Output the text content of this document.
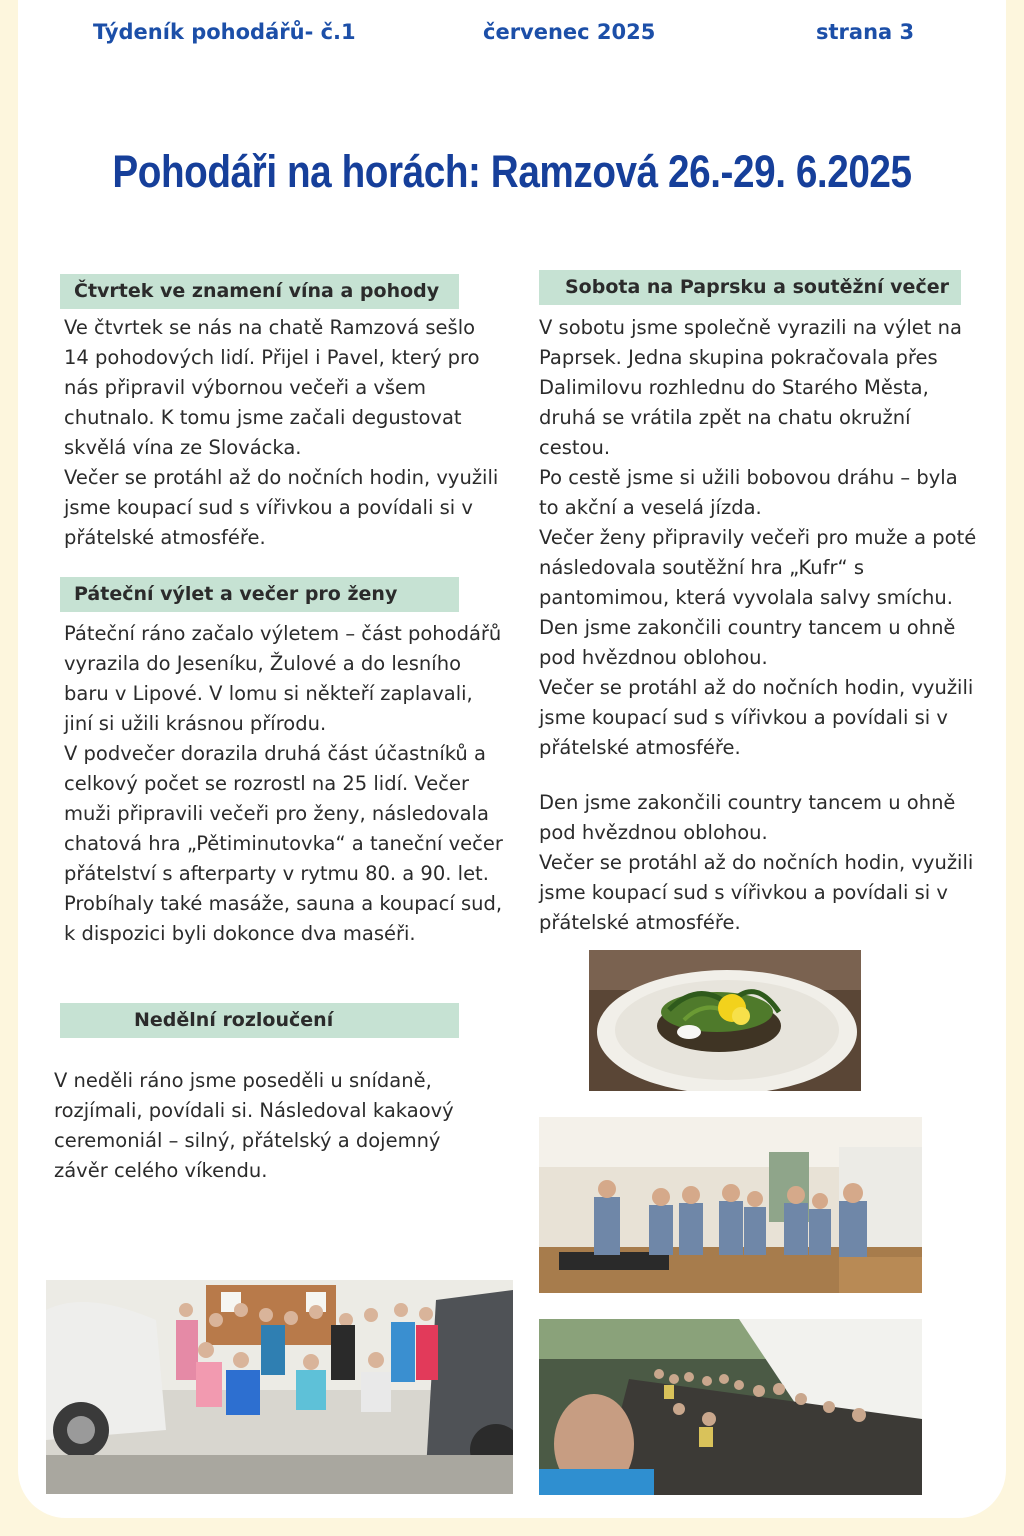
Týdeník pohodářů- č.1	červenec 2025	strana 3
Pohodáři na horách: Ramzová 26.-29. 6.2025
Čtvrtek ve znamení vína a pohody

Ve čtvrtek se nás na chatě Ramzová sešlo 14 pohodových lidí. Přijel i Pavel, který pro nás připravil výbornou večeři a všem chutnalo. K tomu jsme začali degustovat skvělá vína ze Slovácka.

Večer se protáhl až do nočních hodin, využili jsme koupací sud s vířivkou a povídali si v přátelské atmosféře.

Páteční výlet a večer pro ženy

Páteční ráno začalo výletem – část pohodářů vyrazila do Jeseníku, Žulové a do lesního baru v Lipové. V lomu si někteří zaplavali, jiní si užili krásnou přírodu.

V podvečer dorazila druhá část účastníků a celkový počet se rozrostl na 25 lidí. Večer muži připravili večeři pro ženy, následovala chatová hra „Pětiminutovka“ a taneční večer přátelství s afterparty v rytmu 80. a 90. let.

Probíhaly také masáže, sauna a koupací sud, k dispozici byli dokonce dva maséři.

Nedělní rozloučení

V neděli ráno jsme poseděli u snídaně, rozjímali, povídali si. Následoval kakaový ceremoniál – silný, přátelský a dojemný závěr celého víkendu.

Sobota na Paprsku a soutěžní večer

V sobotu jsme společně vyrazili na výlet na Paprsek. Jedna skupina pokračovala přes Dalimilovu rozhlednu do Starého Města, druhá se vrátila zpět na chatu okružní cestou.

Po cestě jsme si užili bobovou dráhu – byla to akční a veselá jízda.

Večer ženy připravily večeři pro muže a poté následovala soutěžní hra „Kufr“ s pantomimou, která vyvolala salvy smíchu.

Den jsme zakončili country tancem u ohně pod hvězdnou oblohou.

Večer se protáhl až do nočních hodin, využili jsme koupací sud s vířivkou a povídali si v přátelské atmosféře.

Den jsme zakončili country tancem u ohně pod hvězdnou oblohou.

Večer se protáhl až do nočních hodin, využili jsme koupací sud s vířivkou a povídali si v přátelské atmosféře.
